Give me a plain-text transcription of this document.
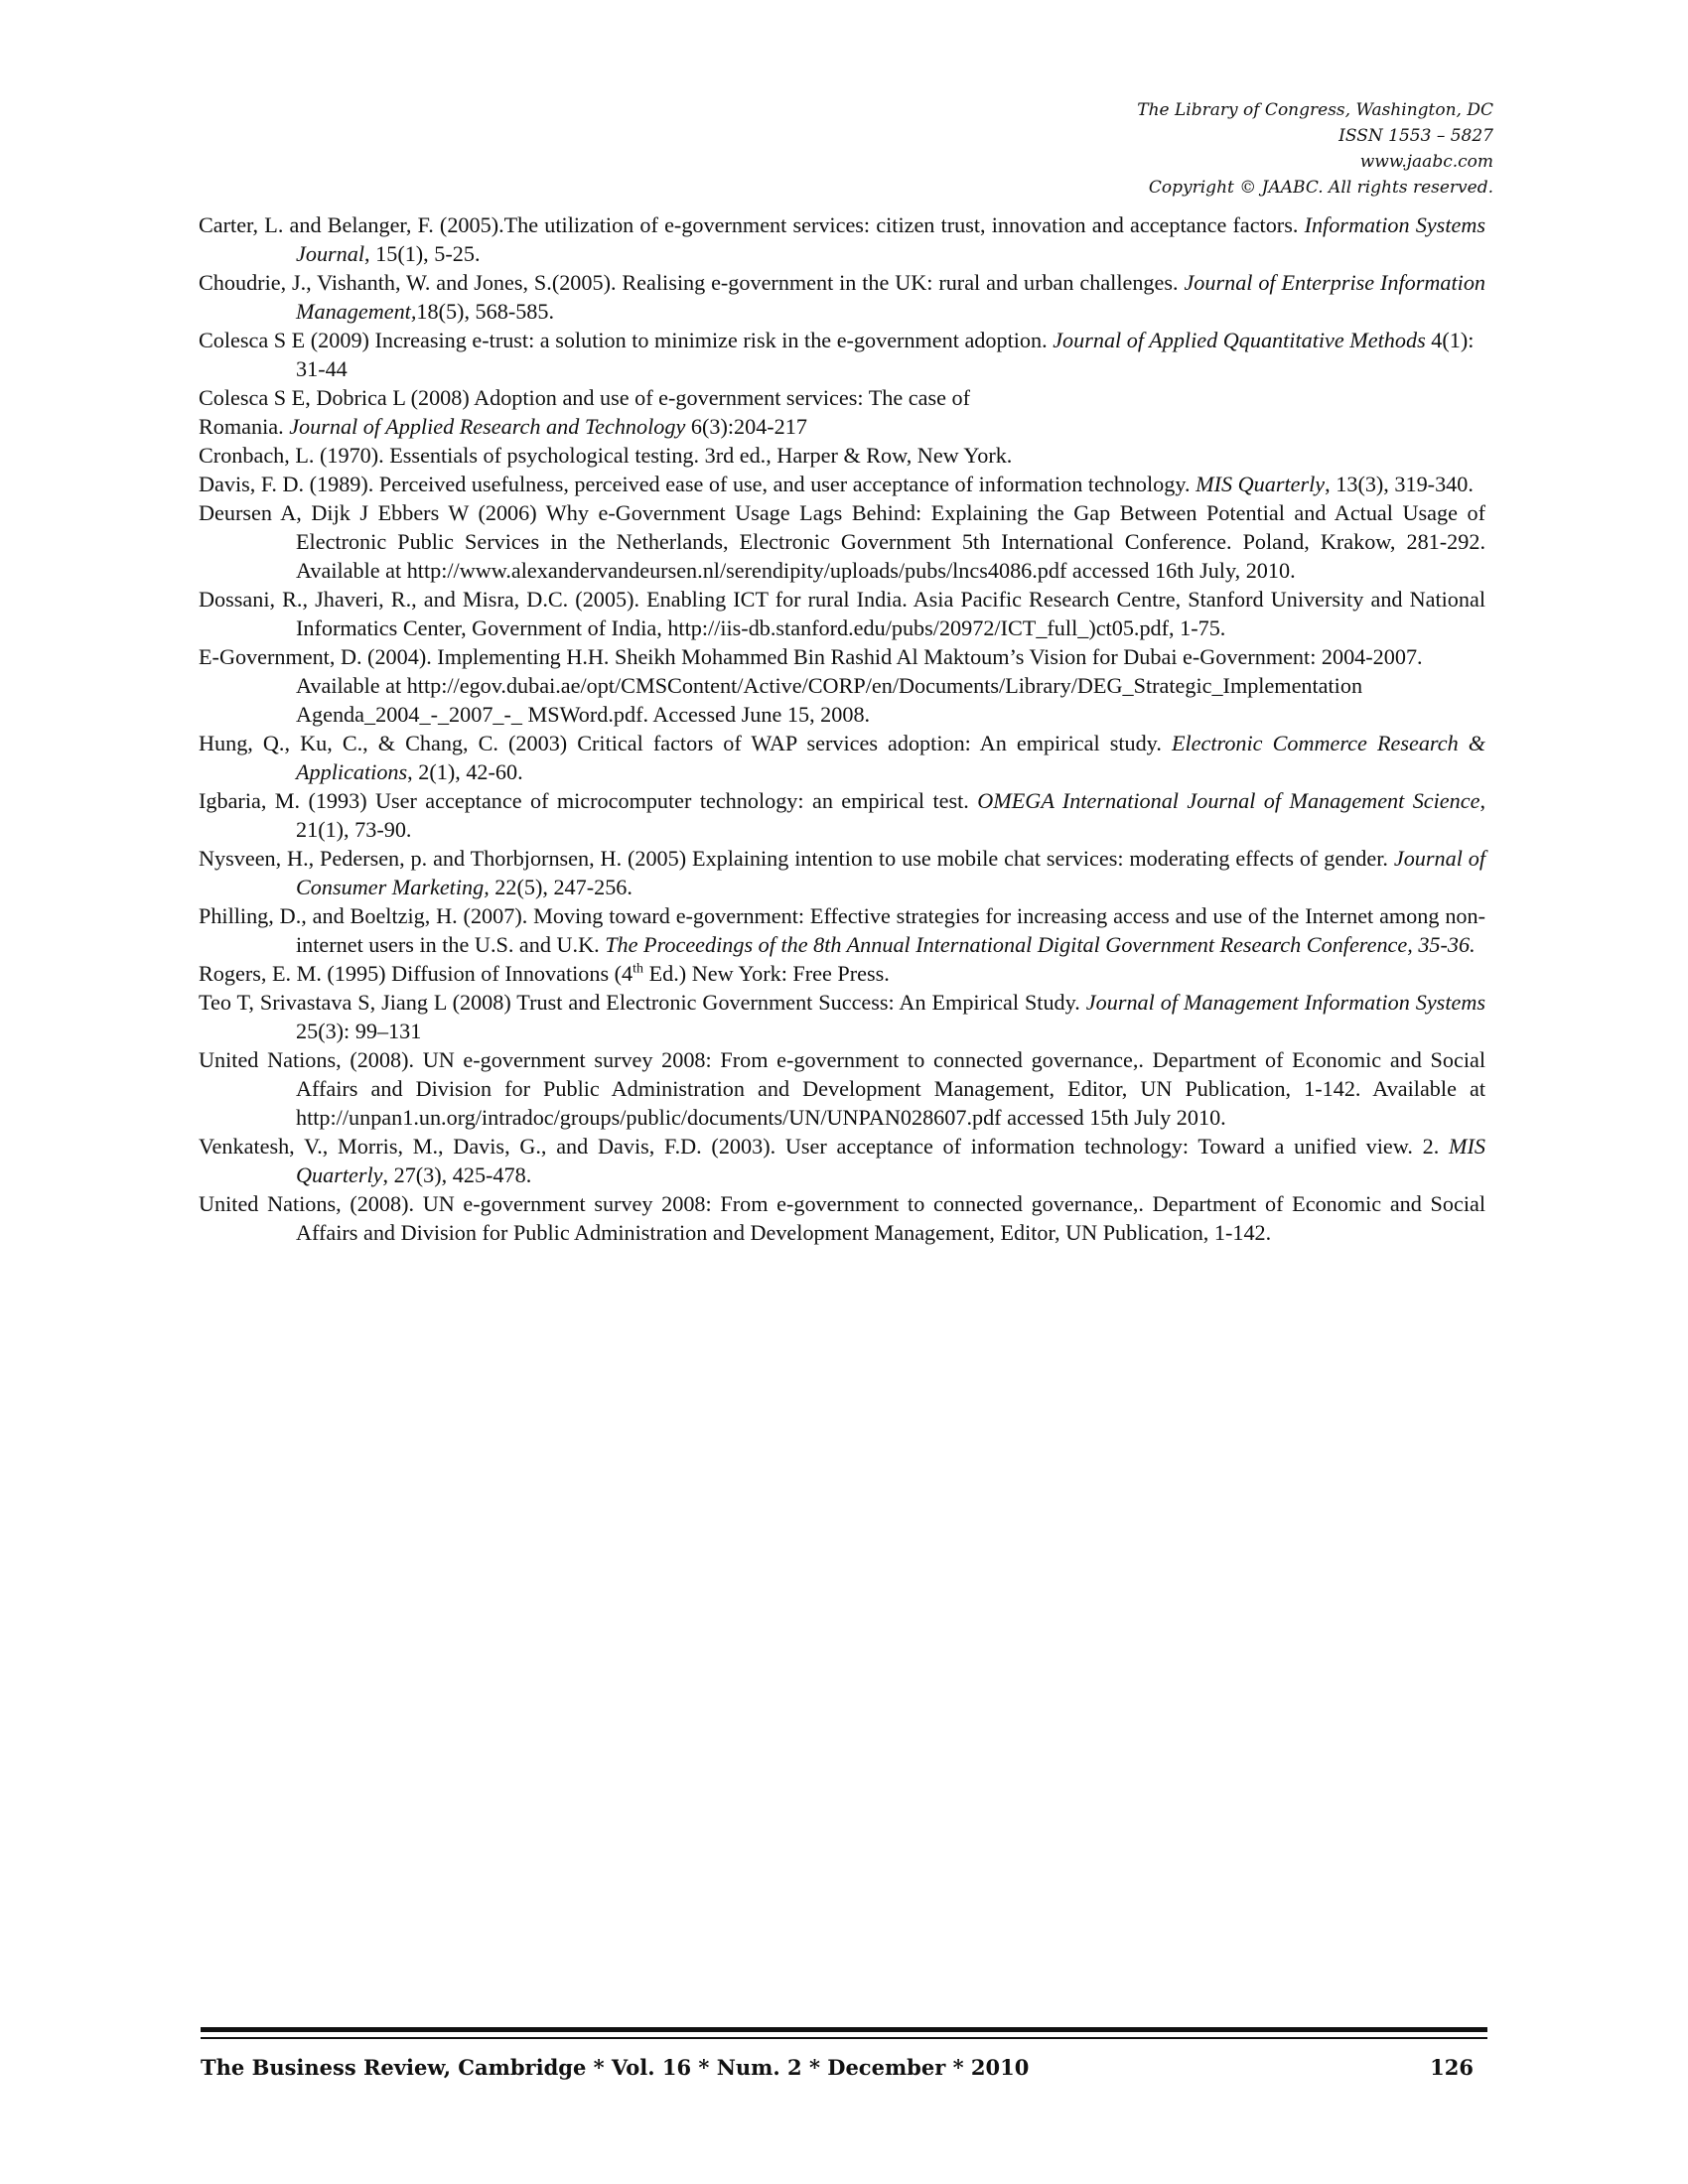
The Library of Congress, Washington, DC
ISSN 1553 – 5827
www.jaabc.com
Copyright © JAABC. All rights reserved.

Carter, L. and Belanger, F. (2005).The utilization of e-government services: citizen trust, innovation and acceptance factors. Information Systems Journal, 15(1), 5-25.

Choudrie, J., Vishanth, W. and Jones, S.(2005). Realising e-government in the UK: rural and urban challenges. Journal of Enterprise Information Management,18(5), 568-585.

Colesca S E (2009) Increasing e-trust: a solution to minimize risk in the e-government adoption. Journal of Applied Qquantitative Methods 4(1): 31-44

Colesca S E, Dobrica L (2008) Adoption and use of e-government services: The case of

Romania. Journal of Applied Research and Technology 6(3):204-217

Cronbach, L. (1970). Essentials of psychological testing. 3rd ed., Harper & Row, New York.

Davis, F. D. (1989). Perceived usefulness, perceived ease of use, and user acceptance of information technology. MIS Quarterly, 13(3), 319-340.

Deursen A, Dijk J Ebbers W (2006) Why e-Government Usage Lags Behind: Explaining the Gap Between Potential and Actual Usage of Electronic Public Services in the Netherlands, Electronic Government 5th International Conference. Poland, Krakow, 281-292. Available at http://www.alexandervandeursen.nl/serendipity/uploads/pubs/lncs4086.pdf accessed 16th July, 2010.

Dossani, R., Jhaveri, R., and Misra, D.C. (2005). Enabling ICT for rural India. Asia Pacific Research Centre, Stanford University and National Informatics Center, Government of India, http://iis-db.stanford.edu/pubs/20972/ICT_full_)ct05.pdf, 1-75.

E-Government, D. (2004). Implementing H.H. Sheikh Mohammed Bin Rashid Al Maktoum’s Vision for Dubai e-Government: 2004-2007. Available at http://egov.dubai.ae/opt/CMSContent/Active/CORP/en/Documents/Library/DEG_Strategic_Implementation Agenda_2004_-_2007_-_ MSWord.pdf. Accessed June 15, 2008.

Hung, Q., Ku, C., & Chang, C. (2003) Critical factors of WAP services adoption: An empirical study. Electronic Commerce Research & Applications, 2(1), 42-60.

Igbaria, M. (1993) User acceptance of microcomputer technology: an empirical test. OMEGA International Journal of Management Science, 21(1), 73-90.

Nysveen, H., Pedersen, p. and Thorbjornsen, H. (2005) Explaining intention to use mobile chat services: moderating effects of gender. Journal of Consumer Marketing, 22(5), 247-256.

Philling, D., and Boeltzig, H. (2007). Moving toward e-government: Effective strategies for increasing access and use of the Internet among non-internet users in the U.S. and U.K. The Proceedings of the 8th Annual International Digital Government Research Conference, 35-36.

Rogers, E. M. (1995) Diffusion of Innovations (4th Ed.) New York: Free Press.

Teo T, Srivastava S, Jiang L (2008) Trust and Electronic Government Success: An Empirical Study. Journal of Management Information Systems 25(3): 99–131

United Nations, (2008). UN e-government survey 2008: From e-government to connected governance,. Department of Economic and Social Affairs and Division for Public Administration and Development Management, Editor, UN Publication, 1-142. Available at http://unpan1.un.org/intradoc/groups/public/documents/UN/UNPAN028607.pdf accessed 15th July 2010.

Venkatesh, V., Morris, M., Davis, G., and Davis, F.D. (2003). User acceptance of information technology: Toward a unified view. 2. MIS Quarterly, 27(3), 425-478.

United Nations, (2008). UN e-government survey 2008: From e-government to connected governance,. Department of Economic and Social Affairs and Division for Public Administration and Development Management, Editor, UN Publication, 1-142.

The Business Review, Cambridge * Vol. 16 * Num. 2 * December * 2010	126
